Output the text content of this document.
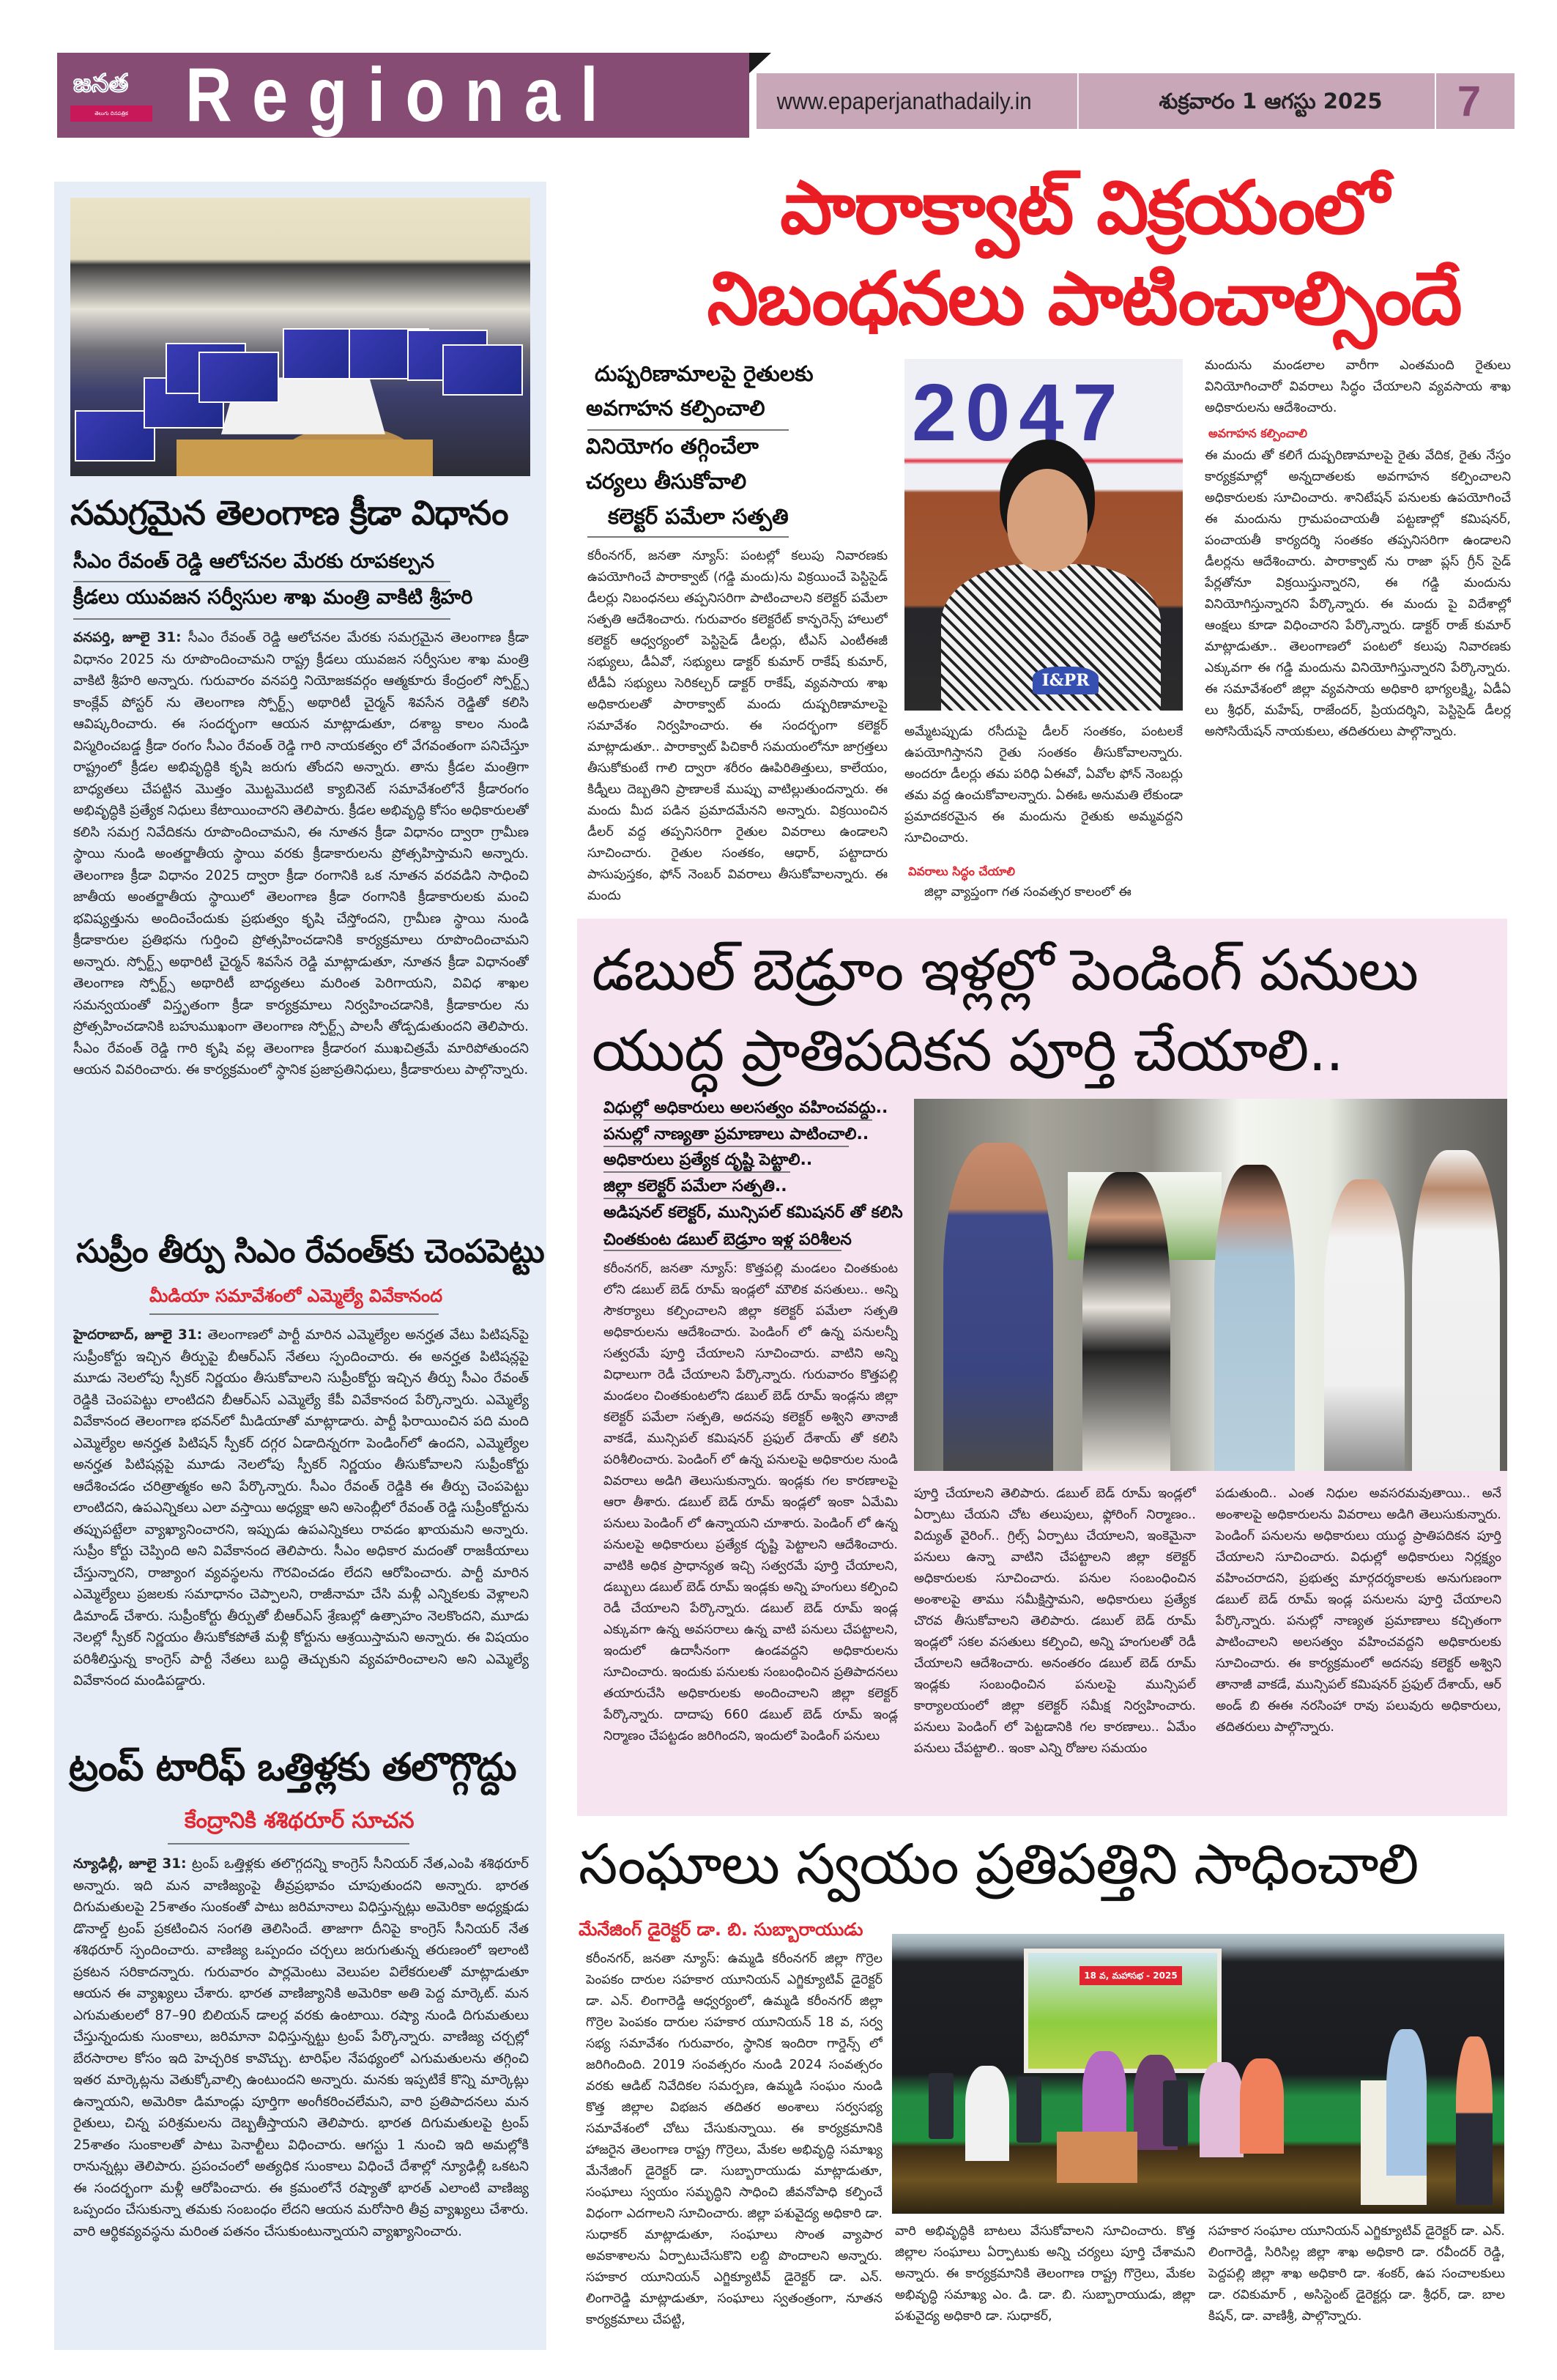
జనత
తెలుగు దినపత్రిక Regional	www.epaperjanathadaily.in	శుక్రవారం 1 ఆగస్టు 2025	7
సమగ్రమైన తెలంగాణ క్రీడా విధానం
సీఎం రేవంత్ రెడ్డి ఆలోచనల మేరకు రూపకల్పన
క్రీడలు యువజన సర్వీసుల శాఖ మంత్రి వాకిటి శ్రీహరి
వనపర్తి, జూలై 31: సీఎం రేవంత్ రెడ్డి ఆలోచనల మేరకు సమగ్రమైన తెలంగాణ క్రీడా విధానం 2025 ను రూపొందించామని రాష్ట్ర క్రీడలు యువజన సర్వీసుల శాఖ మంత్రి వాకిటి శ్రీహరి అన్నారు. గురువారం వనపర్తి నియోజకవర్గం ఆత్మకూరు కేంద్రంలో స్పోర్ట్స్ కాంక్లేవ్ పోస్టర్ ను తెలంగాణ స్పోర్ట్స్ అథారిటీ చైర్మన్ శివసేన రెడ్డితో కలిసి ఆవిష్కరించారు. ఈ సందర్భంగా ఆయన మాట్లాడుతూ, దశాబ్ద కాలం నుండి విస్మరించబడ్డ క్రీడా రంగం సీఎం రేవంత్ రెడ్డి గారి నాయకత్వం లో వేగవంతంగా పనిచేస్తూ రాష్ట్రంలో క్రీడల అభివృద్ధికి కృషి జరుగు తోందని అన్నారు. తాను క్రీడల మంత్రిగా బాధ్యతలు చేపట్టిన మొత్తం మొట్టమొదటి క్యాబినెట్ సమావేశంలోనే క్రీడారంగం అభివృద్ధికి ప్రత్యేక నిధులు కేటాయించారని తెలిపారు. క్రీడల అభివృద్ధి కోసం అధికారులతో కలిసి సమగ్ర నివేదికను రూపొందించామని, ఈ నూతన క్రీడా విధానం ద్వారా గ్రామీణ స్థాయి నుండి అంతర్జాతీయ స్థాయి వరకు క్రీడాకారులను ప్రోత్సహిస్తామని అన్నారు. తెలంగాణ క్రీడా విధానం 2025 ద్వారా క్రీడా రంగానికి ఒక నూతన వరవడిని సాధించి జాతీయ అంతర్జాతీయ స్థాయిలో తెలంగాణ క్రీడా రంగానికి క్రీడాకారులకు మంచి భవిష్యత్తును అందించేందుకు ప్రభుత్వం కృషి చేస్తోందని, గ్రామీణ స్థాయి నుండి క్రీడాకారుల ప్రతిభను గుర్తించి ప్రోత్సహించడానికి కార్యక్రమాలు రూపొందించామని అన్నారు. స్పోర్ట్స్ అథారిటీ చైర్మన్ శివసేన రెడ్డి మాట్లాడుతూ, నూతన క్రీడా విధానంతో తెలంగాణ స్పోర్ట్స్ అథారిటీ బాధ్యతలు మరింత పెరిగాయని, వివిధ శాఖల సమన్వయంతో విస్తృతంగా క్రీడా కార్యక్రమాలు నిర్వహించడానికి, క్రీడాకారుల ను ప్రోత్సహించడానికి బహుముఖంగా తెలంగాణ స్పోర్ట్స్ పాలసీ తోడ్పడుతుందని తెలిపారు. సీఎం రేవంత్ రెడ్డి గారి కృషి వల్ల తెలంగాణ క్రీడారంగ ముఖచిత్రమే మారిపోతుందని ఆయన వివరించారు. ఈ కార్యక్రమంలో స్థానిక ప్రజాప్రతినిధులు, క్రీడాకారులు పాల్గొన్నారు.
సుప్రీం తీర్పు సిఎం రేవంత్‌కు చెంపపెట్టు
మీడియా సమావేశంలో ఎమ్మెల్యే వివేకానంద
హైదరాబాద్, జూలై 31: తెలంగాణలో పార్టీ మారిన ఎమ్మెల్యేల అనర్హత వేటు పిటిషన్‌పై సుప్రీంకోర్టు ఇచ్చిన తీర్పుపై బీఆర్‌ఎస్ నేతలు స్పందించారు. ఈ అనర్హత పిటిషన్లపై మూడు నెలలోపు స్పీకర్ నిర్ణయం తీసుకోవాలని సుప్రీంకోర్టు ఇచ్చిన తీర్పు సీఎం రేవంత్ రెడ్డికి చెంపపెట్టు లాంటిదని బీఆర్‌ఎస్ ఎమ్మెల్యే కేపీ వివేకానంద పేర్కొన్నారు. ఎమ్మెల్యే వివేకానంద తెలంగాణ భవన్‌లో మీడియాతో మాట్లాడారు. పార్టీ ఫిరాయించిన పది మంది ఎమ్మెల్యేల అనర్హత పిటిషన్ స్పీకర్ దగ్గర ఏడాదిన్నరగా పెండింగ్‌లో ఉందని, ఎమ్మెల్యేల అనర్హత పిటిషన్లపై మూడు నెలలోపు స్పీకర్ నిర్ణయం తీసుకోవాలని సుప్రీంకోర్టు ఆదేశించడం చరిత్రాత్మకం అని పేర్కొన్నారు. సీఎం రేవంత్ రెడ్డికి ఈ తీర్పు చెంపపెట్టు లాంటిదని, ఉపఎన్నికలు ఎలా వస్తాయి అధ్యక్షా అని అసెంబ్లీలో రేవంత్ రెడ్డి సుప్రీంకోర్టును తప్పుపట్టేలా వ్యాఖ్యానించారని, ఇప్పుడు ఉపఎన్నికలు రావడం ఖాయమని అన్నారు. సుప్రీం కోర్టు చెప్పింది అని వివేకానంద తెలిపారు. సీఎం అధికార మదంతో రాజకీయాలు చేస్తున్నారని, రాజ్యాంగ వ్యవస్థలను గౌరవించడం లేదని ఆరోపించారు. పార్టీ మారిన ఎమ్మెల్యేలు ప్రజలకు సమాధానం చెప్పాలని, రాజీనామా చేసి మళ్లీ ఎన్నికలకు వెళ్లాలని డిమాండ్ చేశారు. సుప్రీంకోర్టు తీర్పుతో బీఆర్‌ఎస్ శ్రేణుల్లో ఉత్సాహం నెలకొందని, మూడు నెలల్లో స్పీకర్ నిర్ణయం తీసుకోకపోతే మళ్లీ కోర్టును ఆశ్రయిస్తామని అన్నారు. ఈ విషయం పరిశీలిస్తున్న కాంగ్రెస్ పార్టీ నేతలు బుద్ధి తెచ్చుకుని వ్యవహరించాలని అని ఎమ్మెల్యే వివేకానంద మండిపడ్డారు.
ట్రంప్ టారిఫ్ ఒత్తిళ్లకు తలొగ్గొద్దు
కేంద్రానికి శశిథరూర్ సూచన
న్యూఢిల్లీ, జూలై 31: ట్రంప్ ఒత్తిళ్లకు తలొగ్గదన్ని కాంగ్రెస్ సీనియర్ నేత,ఎంపి శశిథరూర్ అన్నారు. ఇది మన వాణిజ్యంపై తీవ్రప్రభావం చూపుతుందని అన్నారు. భారత దిగుమతులపై 25శాతం సుంకంతో పాటు జరిమానాలు విధిస్తున్నట్లు అమెరికా అధ్యక్షుడు డొనాల్డ్ ట్రంప్ ప్రకటించిన సంగతి తెలిసిందే. తాజాగా దీనిపై కాంగ్రెస్ సీనియర్ నేత శశిథరూర్ స్పందించారు. వాణిజ్య ఒప్పందం చర్చలు జరుగుతున్న తరుణంలో ఇలాంటి ప్రకటన సరికాదన్నారు. గురువారం పార్లమెంటు వెలుపల విలేకరులతో మాట్లాడుతూ ఆయన ఈ వ్యాఖ్యలు చేశారు. భారత వాణిజ్యానికి అమెరికా అతి పెద్ద మార్కెట్. మన ఎగుమతులలో 87–90 బిలియన్ డాలర్ల వరకు ఉంటాయి. రష్యా నుండి దిగుమతులు చేస్తున్నందుకు సుంకాలు, జరిమానా విధిస్తున్నట్టు ట్రంప్ పేర్కొన్నారు. వాణిజ్య చర్చల్లో బేరసారాల కోసం ఇది హెచ్చరిక కావొచ్చు. టారిఫ్‌ల నేపథ్యంలో ఎగుమతులను తగ్గించి ఇతర మార్కెట్లను వెతుక్కోవాల్సి ఉంటుందని అన్నారు. మనకు ఇప్పటికే కొన్ని మార్కెట్లు ఉన్నాయని, అమెరికా డిమాండ్లు పూర్తిగా అంగీకరించలేమని, వారి ప్రతిపాదనలు మన రైతులు, చిన్న పరిశ్రమలను దెబ్బతీస్తాయని తెలిపారు. భారత దిగుమతులపై ట్రంప్ 25శాతం సుంకాలతో పాటు పెనాల్టీలు విధించారు. ఆగస్టు 1 నుంచి ఇది అమల్లోకి రానున్నట్లు తెలిపారు. ప్రపంచంలో అత్యధిక సుంకాలు విధించే దేశాల్లో న్యూఢిల్లీ ఒకటని ఈ సందర్భంగా మళ్లీ ఆరోపించారు. ఈ క్రమంలోనే రష్యాతో భారత్ ఎలాంటి వాణిజ్య ఒప్పందం చేసుకున్నా తమకు సంబంధం లేదని ఆయన మరోసారి తీవ్ర వ్యాఖ్యలు చేశారు. వారి ఆర్థికవ్యవస్థను మరింత పతనం చేసుకుంటున్నాయని వ్యాఖ్యానించారు.
పారాక్వాట్ విక్రయంలో
నిబంధనలు పాటించాల్సిందే
దుష్పరిణామాలపై రైతులకు
అవగాహన కల్పించాలి
వినియోగం తగ్గించేలా
చర్యలు తీసుకోవాలి
కలెక్టర్ పమేలా సత్పతి
కరీంనగర్, జనతా న్యూస్: పంటల్లో కలుపు నివారణకు ఉపయోగించే పారాక్వాట్ (గడ్డి మందు)ను విక్రయించే పెస్టిసైడ్ డీలర్లు నిబంధనలు తప్పనిసరిగా పాటించాలని కలెక్టర్ పమేలా సత్పతి ఆదేశించారు. గురువారం కలెక్టరేట్ కాన్ఫరెన్స్ హాలులో కలెక్టర్ ఆధ్వర్యంలో పెస్టిసైడ్ డీలర్లు, టీఎస్ ఎంటీఈజీ సభ్యులు, డీఏవో, సభ్యులు డాక్టర్ కుమార్ రాకేష్ కుమార్, టీడీఏ సభ్యులు సెరికల్చర్ డాక్టర్ రాకేష్, వ్యవసాయ శాఖ అధికారులతో పారాక్వాట్ మందు దుష్పరిణామాలపై సమావేశం నిర్వహించారు. ఈ సందర్భంగా కలెక్టర్ మాట్లాడుతూ.. పారాక్వాట్ పిచికారీ సమయంలోనూ జాగ్రత్తలు తీసుకోకుంటే గాలి ద్వారా శరీరం ఊపిరితిత్తులు, కాలేయం, కిడ్నీలు దెబ్బతిని ప్రాణాలకే ముప్పు వాటిల్లుతుందన్నారు. ఈ మందు మీద పడిన ప్రమాదమేనని అన్నారు. విక్రయించిన డీలర్ వద్ద తప్పనిసరిగా రైతుల వివరాలు ఉండాలని సూచించారు. రైతుల సంతకం, ఆధార్, పట్టాదారు పాసుపుస్తకం, ఫోన్ నెంబర్ వివరాలు తీసుకోవాలన్నారు. ఈ మందు
2047
I&PR
అమ్మేటప్పుడు రసీదుపై డీలర్ సంతకం, పంటలకే ఉపయోగిస్తానని రైతు సంతకం తీసుకోవాలన్నారు. అందరూ డీలర్లు తమ పరిధి ఏఈవో, ఏవోల ఫోన్ నెంబర్లు తమ వద్ద ఉంచుకోవాలన్నారు. ఏఈఓ అనుమతి లేకుండా ప్రమాదకరమైన ఈ మందును రైతుకు అమ్మవద్దని సూచించారు.
వివరాలు సిద్ధం చేయాలి
జిల్లా వ్యాప్తంగా గత సంవత్సర కాలంలో ఈ
మందును మండలాల వారీగా ఎంతమంది రైతులు వినియోగించారో వివరాలు సిద్ధం చేయాలని వ్యవసాయ శాఖ అధికారులను ఆదేశించారు.
అవగాహన కల్పించాలి
ఈ మందు తో కలిగే దుష్పరిణామాలపై రైతు వేదిక, రైతు నేస్తం కార్యక్రమాల్లో అన్నదాతలకు అవగాహన కల్పించాలని అధికారులకు సూచించారు. శానిటేషన్ పనులకు ఉపయోగించే ఈ మందును గ్రామపంచాయతీ పట్టణాల్లో కమిషనర్, పంచాయతీ కార్యదర్శి సంతకం తప్పనిసరిగా ఉండాలని డీలర్లను ఆదేశించారు. పారాక్వాట్ ను రాజా ప్లస్ గ్రీన్ సైడ్ పేర్లతోనూ విక్రయిస్తున్నారని, ఈ గడ్డి మందును వినియోగిస్తున్నారని పేర్కొన్నారు. ఈ మందు పై విదేశాల్లో ఆంక్షలు కూడా విధించారని పేర్కొన్నారు. డాక్టర్ రాజ్ కుమార్ మాట్లాడుతూ.. తెలంగాణలో పంటలో కలుపు నివారణకు ఎక్కువగా ఈ గడ్డి మందును వినియోగిస్తున్నారని పేర్కొన్నారు. ఈ సమావేశంలో జిల్లా వ్యవసాయ అధికారి భాగ్యలక్ష్మి, ఏడీఏ లు శ్రీధర్, మహేష్, రాజేందర్, ప్రియదర్శిని, పెస్టిసైడ్ డీలర్ల అసోసియేషన్ నాయకులు, తదితరులు పాల్గొన్నారు.
డబుల్ బెడ్రూం ఇళ్లల్లో పెండింగ్ పనులు
యుద్ధ ప్రాతిపదికన పూర్తి చేయాలి..
విధుల్లో అధికారులు అలసత్వం వహించవద్దు..
పనుల్లో నాణ్యతా ప్రమాణాలు పాటించాలి..
అధికారులు ప్రత్యేక దృష్టి పెట్టాలి..
జిల్లా కలెక్టర్ పమేలా సత్పతి..
అడిషనల్ కలెక్టర్, మున్సిపల్ కమిషనర్ తో కలిసి
చింతకుంట డబుల్ బెడ్రూం ఇళ్ల పరిశీలన
కరీంనగర్, జనతా న్యూస్: కొత్తపల్లి మండలం చింతకుంట లోని డబుల్ బెడ్ రూమ్ ఇండ్లలో మౌలిక వసతులు.. అన్ని సౌకర్యాలు కల్పించాలని జిల్లా కలెక్టర్ పమేలా సత్పతి అధికారులను ఆదేశించారు. పెండింగ్ లో ఉన్న పనులన్నీ సత్వరమే పూర్తి చేయాలని సూచించారు. వాటిని అన్ని విధాలుగా రెడీ చేయాలని పేర్కొన్నారు. గురువారం కొత్తపల్లి మండలం చింతకుంటలోని డబుల్ బెడ్ రూమ్ ఇండ్లను జిల్లా కలెక్టర్ పమేలా సత్పతి, అదనపు కలెక్టర్ అశ్విని తానాజీ వాకడే, మున్సిపల్ కమిషనర్ ప్రఫుల్ దేశాయ్ తో కలిసి పరిశీలించారు. పెండింగ్ లో ఉన్న పనులపై అధికారుల నుండి వివరాలు అడిగి తెలుసుకున్నారు. ఇండ్లకు గల కారణాలపై ఆరా తీశారు. డబుల్ బెడ్ రూమ్ ఇండ్లలో ఇంకా ఏమేమి పనులు పెండింగ్ లో ఉన్నాయని చూశారు. పెండింగ్ లో ఉన్న పనులపై అధికారులు ప్రత్యేక దృష్టి పెట్టాలని ఆదేశించారు. వాటికి అధిక ప్రాధాన్యత ఇచ్చి సత్వరమే పూర్తి చేయాలని, డబ్బులు డబుల్ బెడ్ రూమ్ ఇండ్లకు అన్ని హంగులు కల్పించి రెడీ చేయాలని పేర్కొన్నారు. డబుల్ బెడ్ రూమ్ ఇండ్ల ఎక్కువగా ఉన్న అవసరాలు ఉన్న వాటి పనులు చేపట్టాలని, ఇందులో ఉదాసీనంగా ఉండవద్దని అధికారులను సూచించారు. ఇందుకు పనులకు సంబంధించిన ప్రతిపాదనలు తయారుచేసి అధికారులకు అందించాలని జిల్లా కలెక్టర్ పేర్కొన్నారు. దాదాపు 660 డబుల్ బెడ్ రూమ్ ఇండ్ల నిర్మాణం చేపట్టడం జరిగిందని, ఇందులో పెండింగ్ పనులు
పూర్తి చేయాలని తెలిపారు. డబుల్ బెడ్ రూమ్ ఇండ్లలో ఏర్పాటు చేయని చోట తలుపులు, ఫ్లోరింగ్ నిర్మాణం.. విద్యుత్ వైరింగ్.. గ్రిల్స్ ఏర్పాటు చేయాలని, ఇంకెమైనా పనులు ఉన్నా వాటిని చేపట్టాలని జిల్లా కలెక్టర్ అధికారులకు సూచించారు. పనుల సంబంధించిన అంశాలపై తాము సమీక్షిస్తామని, అధికారులు ప్రత్యేక చొరవ తీసుకోవాలని తెలిపారు. డబుల్ బెడ్ రూమ్ ఇండ్లలో సకల వసతులు కల్పించి, అన్ని హంగులతో రెడీ చేయాలని ఆదేశించారు. అనంతరం డబుల్ బెడ్ రూమ్ ఇండ్లకు సంబంధించిన పనులపై మున్సిపల్ కార్యాలయంలో జిల్లా కలెక్టర్ సమీక్ష నిర్వహించారు. పనులు పెండింగ్ లో పెట్టడానికి గల కారణాలు.. ఏమేం పనులు చేపట్టాలి.. ఇంకా ఎన్ని రోజుల సమయం
పడుతుంది.. ఎంత నిధుల అవసరమవుతాయి.. అనే అంశాలపై అధికారులను వివరాలు అడిగి తెలుసుకున్నారు. పెండింగ్ పనులను అధికారులు యుద్ధ ప్రాతిపదికన పూర్తి చేయాలని సూచించారు. విధుల్లో అధికారులు నిర్లక్ష్యం వహించరాదని, ప్రభుత్వ మార్గదర్శకాలకు అనుగుణంగా డబుల్ బెడ్ రూమ్ ఇండ్ల పనులను పూర్తి చేయాలని పేర్కొన్నారు. పనుల్లో నాణ్యత ప్రమాణాలు కచ్చితంగా పాటించాలని అలసత్వం వహించవద్దని అధికారులకు సూచించారు. ఈ కార్యక్రమంలో అదనపు కలెక్టర్ అశ్విని తానాజీ వాకడే, మున్సిపల్ కమిషనర్ ప్రఫుల్ దేశాయ్, ఆర్ అండ్ బి ఈఈ నరసింహా రావు పలువురు అధికారులు, తదితరులు పాల్గొన్నారు.
సంఘాలు స్వయం ప్రతిపత్తిని సాధించాలి
మేనేజింగ్ డైరెక్టర్ డా. బి. సుబ్బారాయుడు
కరీంనగర్, జనతా న్యూస్: ఉమ్మడి కరీంనగర్ జిల్లా గొర్రెల పెంపకం దారుల సహకార యూనియన్ ఎగ్జిక్యూటివ్ డైరెక్టర్ డా. ఎన్. లింగారెడ్డి ఆధ్వర్యంలో, ఉమ్మడి కరీంనగర్ జిల్లా గొర్రెల పెంపకం దారుల సహకార యూనియన్ 18 వ, సర్వ సభ్య సమావేశం గురువారం, స్థానిక ఇందిరా గార్డెన్స్ లో జరిగిందింది. 2019 సంవత్సరం నుండి 2024 సంవత్సరం వరకు ఆడిట్ నివేదికల సమర్పణ, ఉమ్మడి సంఘం నుండి కొత్త జిల్లాల విభజన తదితర అంశాలు సర్వసభ్య సమావేశంలో చోటు చేసుకున్నాయి. ఈ కార్యక్రమానికి హాజరైన తెలంగాణ రాష్ట్ర గొర్రెలు, మేకల అభివృద్ధి సమాఖ్య మేనేజింగ్ డైరెక్టర్ డా. సుబ్బారాయుడు మాట్లాడుతూ, సంఘాలు స్వయం సమృద్ధిని సాధించి జీవనోపాధి కల్పించే విధంగా ఎదగాలని సూచించారు. జిల్లా పశువైద్య అధికారి డా. సుధాకర్ మాట్లాడుతూ, సంఘాలు సొంత వ్యాపార అవకాశాలను ఏర్పాటుచేసుకొని లబ్ది పొందాలని అన్నారు. సహకార యూనియన్ ఎగ్జిక్యూటివ్ డైరెక్టర్ డా. ఎన్. లింగారెడ్డి మాట్లాడుతూ, సంఘాలు స్వతంత్రంగా, నూతన కార్యక్రమాలు చేపట్టి,
18 వ, మహాసభ - 2025
వారి అభివృద్ధికి బాటలు వేసుకోవాలని సూచించారు. కొత్త జిల్లాల సంఘాలు ఏర్పాటుకు అన్ని చర్యలు పూర్తి చేశామని అన్నారు. ఈ కార్యక్రమానికి తెలంగాణ రాష్ట్ర గొర్రెలు, మేకల అభివృద్ధి సమాఖ్య ఎం. డి. డా. బి. సుబ్బారాయుడు, జిల్లా పశువైద్య అధికారి డా. సుధాకర్,
సహకార సంఘాల యూనియన్ ఎగ్జిక్యూటివ్ డైరెక్టర్ డా. ఎన్. లింగారెడ్డి, సిరిసిల్ల జిల్లా శాఖ అధికారి డా. రవీందర్ రెడ్డి, పెద్దపల్లి జిల్లా శాఖ అధికారి డా. శంకర్, ఉప సంచాలకులు డా. రవికుమార్ , అసిస్టెంట్ డైరెక్టర్లు డా. శ్రీధర్, డా. బాల కిషన్, డా. వాణిశ్రీ, పాల్గొన్నారు.
